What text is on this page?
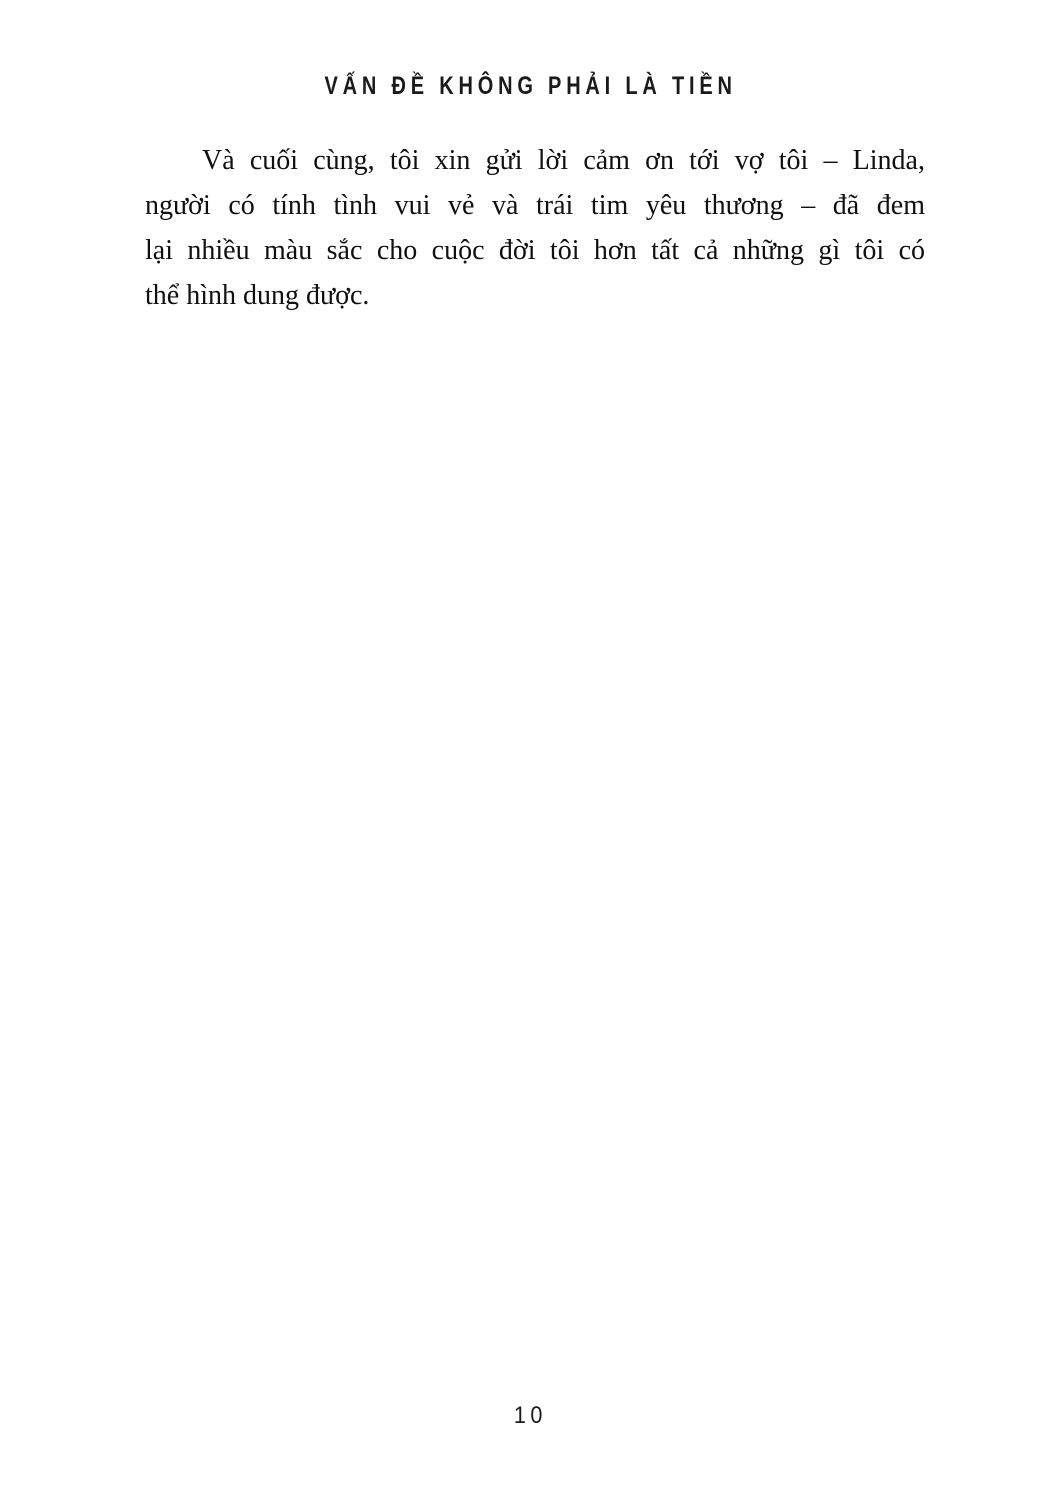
VẤN ĐỀ KHÔNG PHẢI LÀ TIỀN
Và cuối cùng, tôi xin gửi lời cảm ơn tới vợ tôi – Linda,
người có tính tình vui vẻ và trái tim yêu thương – đã đem
lại nhiều màu sắc cho cuộc đời tôi hơn tất cả những gì tôi có
thể hình dung được.
10
